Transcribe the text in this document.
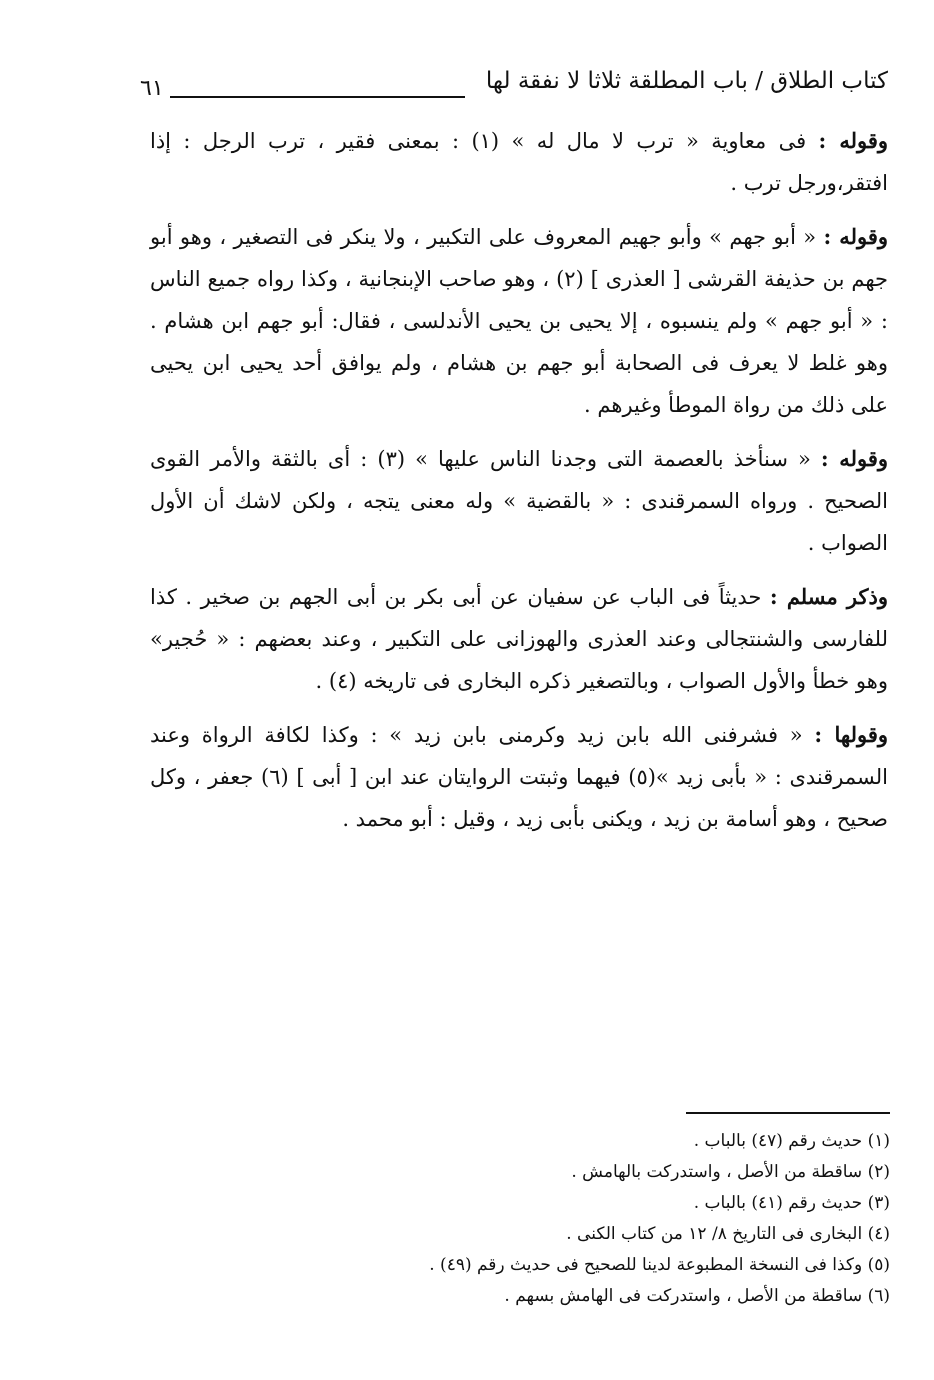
كتاب الطلاق / باب المطلقة ثلاثا لا نفقة لها
٦١

وقوله : فى معاوية « ترب لا مال له » (١) : بمعنى فقير ، ترب الرجل : إذا افتقر،ورجل ترب .

وقوله : « أبو جهم » وأبو جهيم المعروف على التكبير ، ولا ينكر فى التصغير ، وهو أبو جهم بن حذيفة القرشى [ العذرى ] (٢) ، وهو صاحب الإبنجانية ، وكذا رواه جميع الناس : « أبو جهم » ولم ينسبوه ، إلا يحيى بن يحيى الأندلسى ، فقال: أبو جهم ابن هشام . وهو غلط لا يعرف فى الصحابة أبو جهم بن هشام ، ولم يوافق أحد يحيى ابن يحيى على ذلك من رواة الموطأ وغيرهم .

وقوله : « سنأخذ بالعصمة التى وجدنا الناس عليها » (٣) : أى بالثقة والأمر القوى الصحيح . ورواه السمرقندى : « بالقضية » وله معنى يتجه ، ولكن لاشك أن الأول الصواب .

وذكر مسلم : حديثاً فى الباب عن سفيان عن أبى بكر بن أبى الجهم بن صخير . كذا للفارسى والشنتجالى وعند العذرى والهوزانى على التكبير ، وعند بعضهم : « حُجير» وهو خطأ والأول الصواب ، وبالتصغير ذكره البخارى فى تاريخه (٤) .

وقولها : « فشرفنى الله بابن زيد وكرمنى بابن زيد » : وكذا لكافة الرواة وعند السمرقندى : « بأبى زيد »(٥) فيهما وثبتت الروايتان عند ابن [ أبى ] (٦) جعفر ، وكل صحيح ، وهو أسامة بن زيد ، ويكنى بأبى زيد ، وقيل : أبو محمد .

(١) حديث رقم (٤٧) بالباب .
(٢) ساقطة من الأصل ، واستدركت بالهامش .
(٣) حديث رقم (٤١) بالباب .
(٤) البخارى فى التاريخ ٨/ ١٢ من كتاب الكنى .
(٥) وكذا فى النسخة المطبوعة لدينا للصحيح فى حديث رقم (٤٩) .
(٦) ساقطة من الأصل ، واستدركت فى الهامش بسهم .
